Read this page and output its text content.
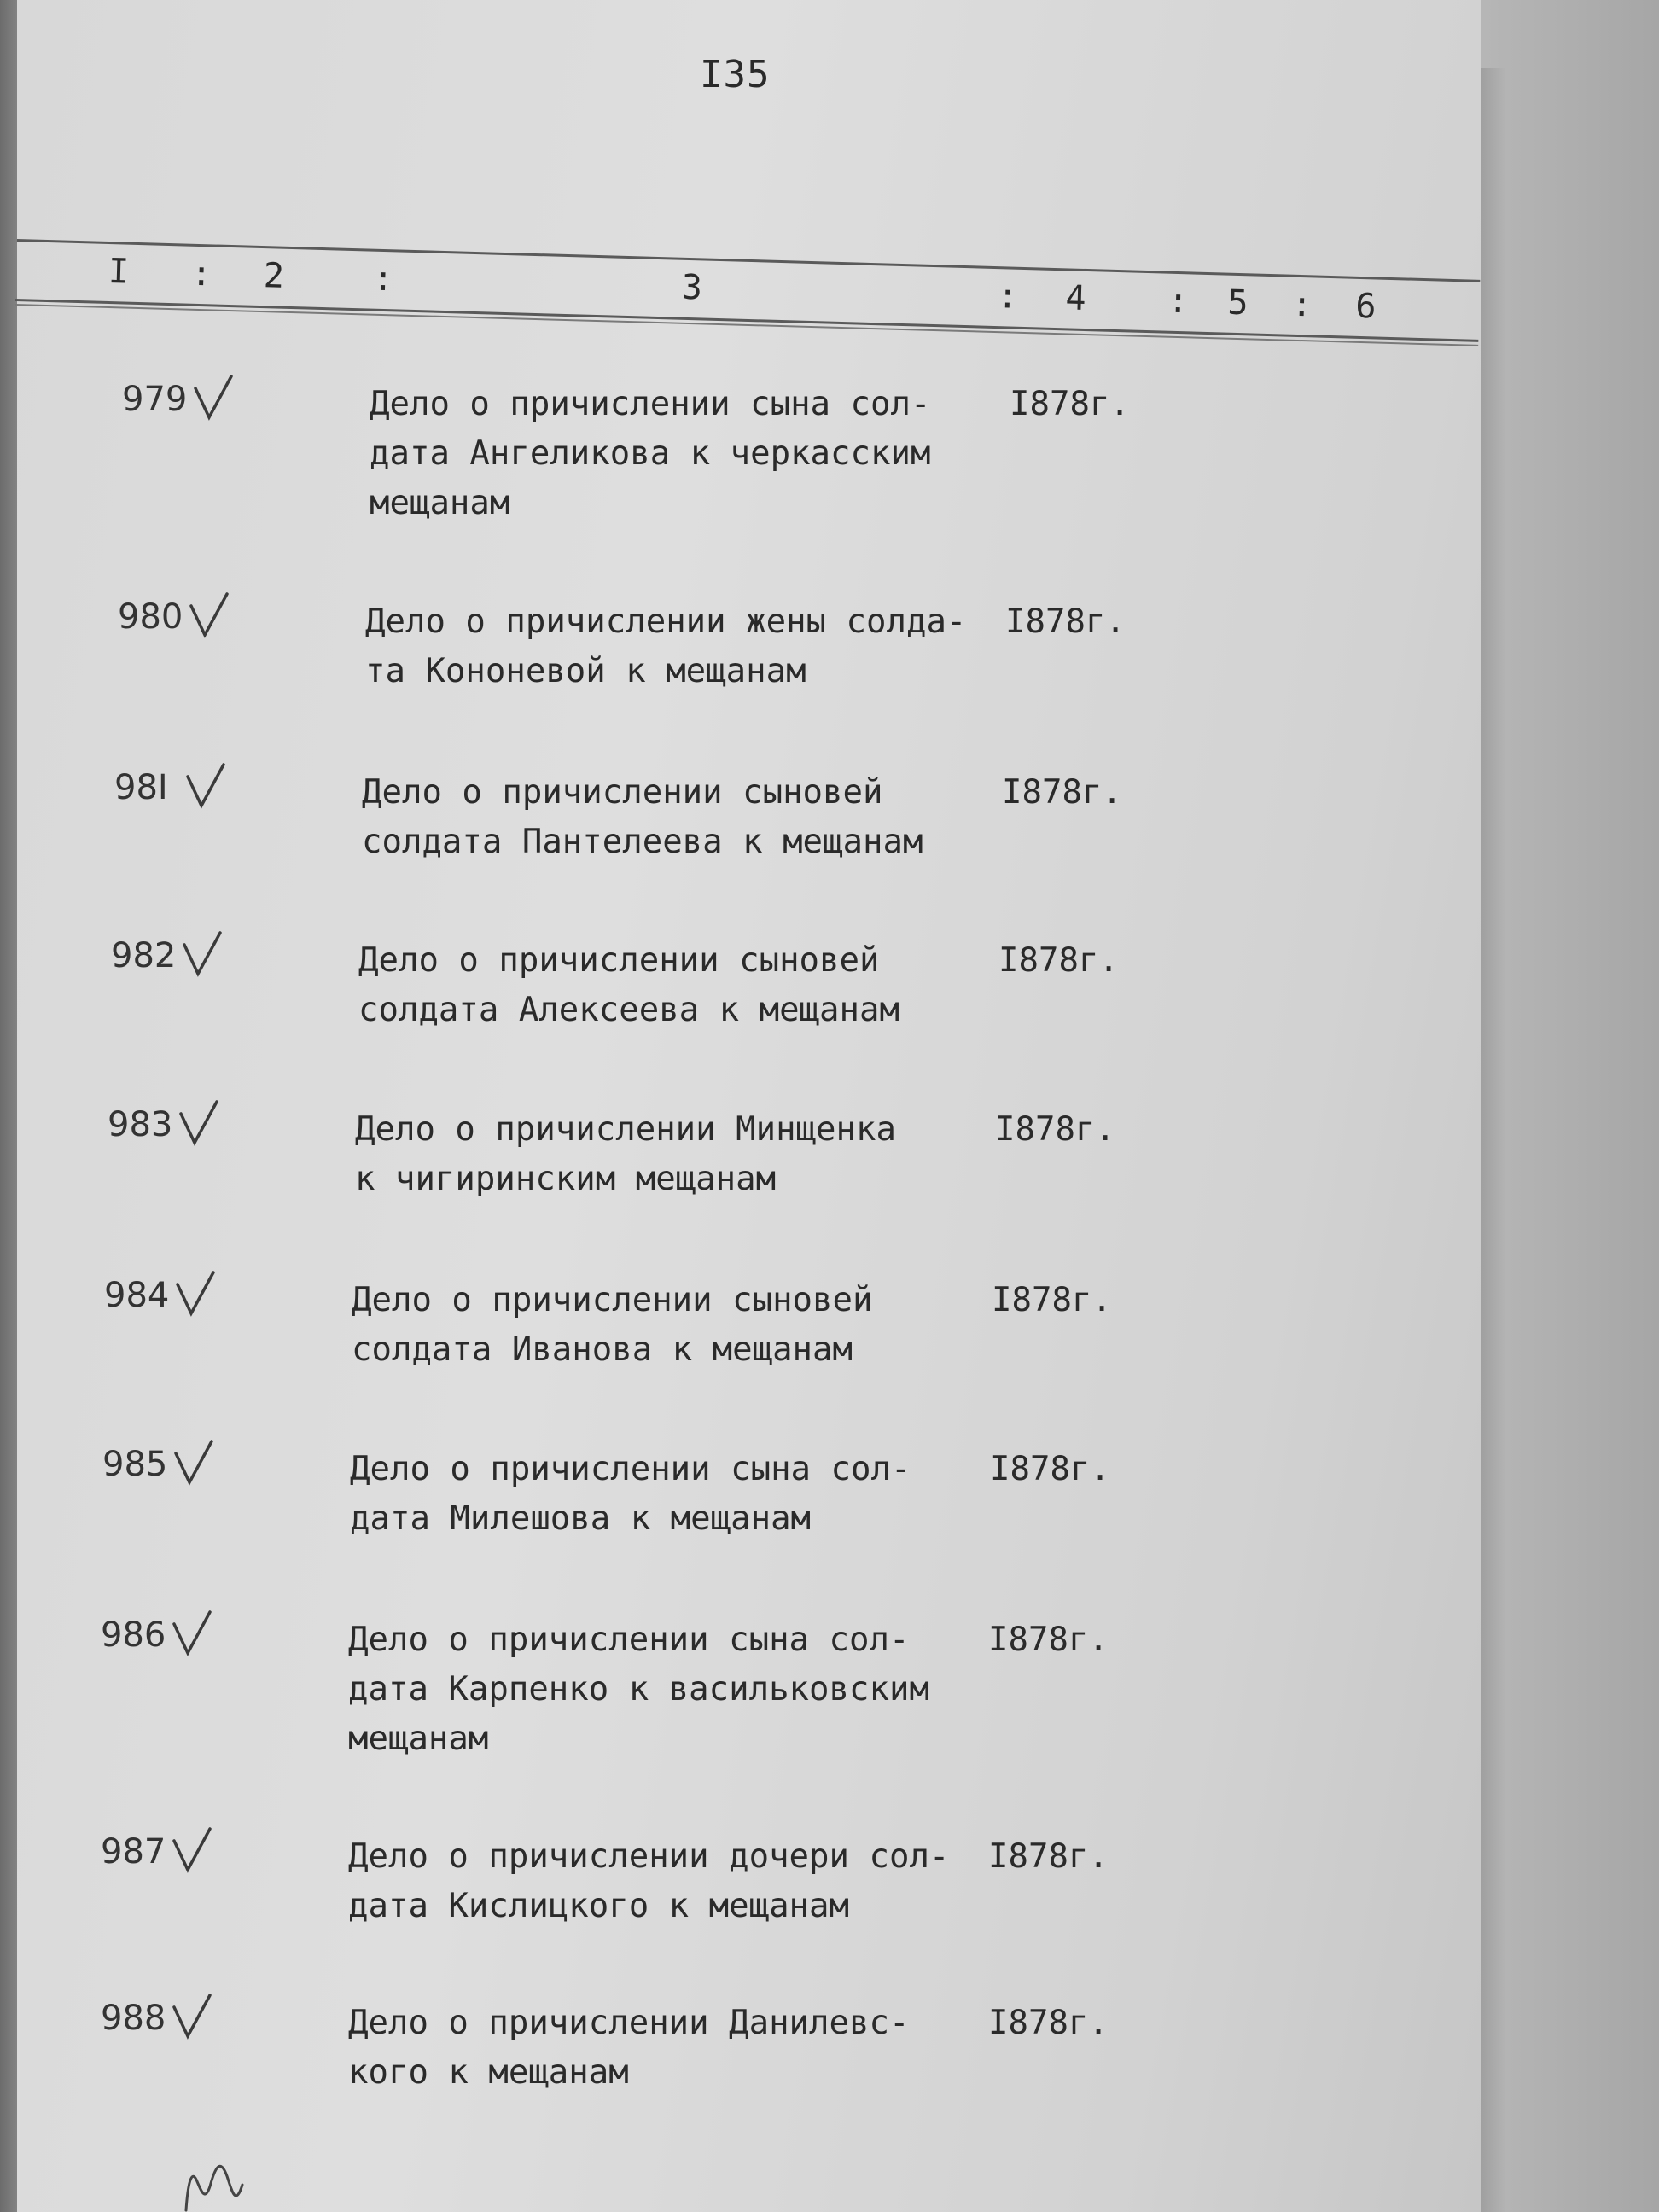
I35
I : 2	:	3	: 4 : 5 : 6
979	Дело о причислении сына сол-
дата Ангеликова к черкасским
мещанам
I878г.
980	Дело о причислении жены солда-
та Кононевой к мещанам
I878г.
98I	Дело о причислении сыновей
солдата Пантелеева к мещанам
I878г.
982	Дело о причислении сыновей
солдата Алексеева к мещанам
I878г.
983	Дело о причислении Минщенка
к чигиринским мещанам
I878г.
984	Дело о причислении сыновей
солдата Иванова к мещанам
I878г.
985	Дело о причислении сына сол-
дата Милешова к мещанам
I878г.
986	Дело о причислении сына сол-
дата Карпенко к васильковским
мещанам
I878г.
987	Дело о причислении дочери сол-
дата Кислицкого к мещанам
I878г.
988	Дело о причислении Данилевс-
кого к мещанам
I878г.
